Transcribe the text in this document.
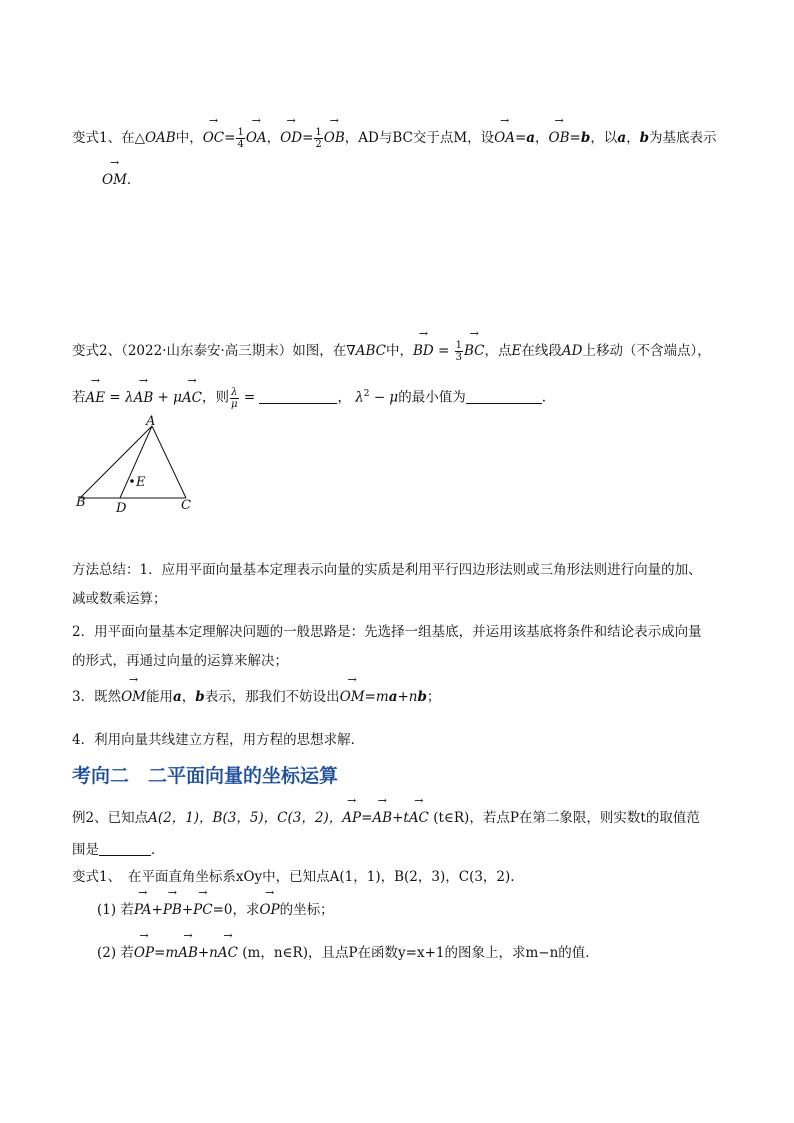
变式1、在△OAB中，→ $OC= \frac{1}{4}$ → OA，→ $OD= \frac{1}{2}$ → OB，AD与BC交于点M，设→ OA=a，→ OB=b，以a，b为基底表示
→ OM.
变式2、（2022·山东泰安·高三期末）如图，在∇ABC中，→ BD = $\frac{1}{3}$ → BC，点E在线段AD上移动（不含端点），
若→ AE = λ→ AB + μ→ AC，则 $\frac{\lambda}{\mu}$ =	， $\lambda^2 - \mu$的最小值为	.
A
B	C
D
E
方法总结：1．应用平面向量基本定理表示向量的实质是利用平行四边形法则或三角形法则进行向量的加、
减或数乘运算；
2．用平面向量基本定理解决问题的一般思路是：先选择一组基底，并运用该基底将条件和结论表示成向量
的形式，再通过向量的运算来解决；
3．既然→ OM能用a，b表示，那我们不妨设出→ OM=ma+nb；
4．利用向量共线建立方程，用方程的思想求解．
考向二　二平面向量的坐标运算
例2、已知点A(2，1)，B(3，5)，C(3，2)，→ AP=→ AB+t→ AC (t∈R)，若点P在第二象限，则实数t的取值范
围是	．
变式1、　在平面直角坐标系xOy中，已知点A(1，1)，B(2，3)，C(3，2).
(1) 若→ PA+→ PB+→ PC=0，求→ OP的坐标；
(2) 若→ OP=m→ AB+n→ AC (m，n∈R)，且点P在函数y=x+1的图象上，求m−n的值．
